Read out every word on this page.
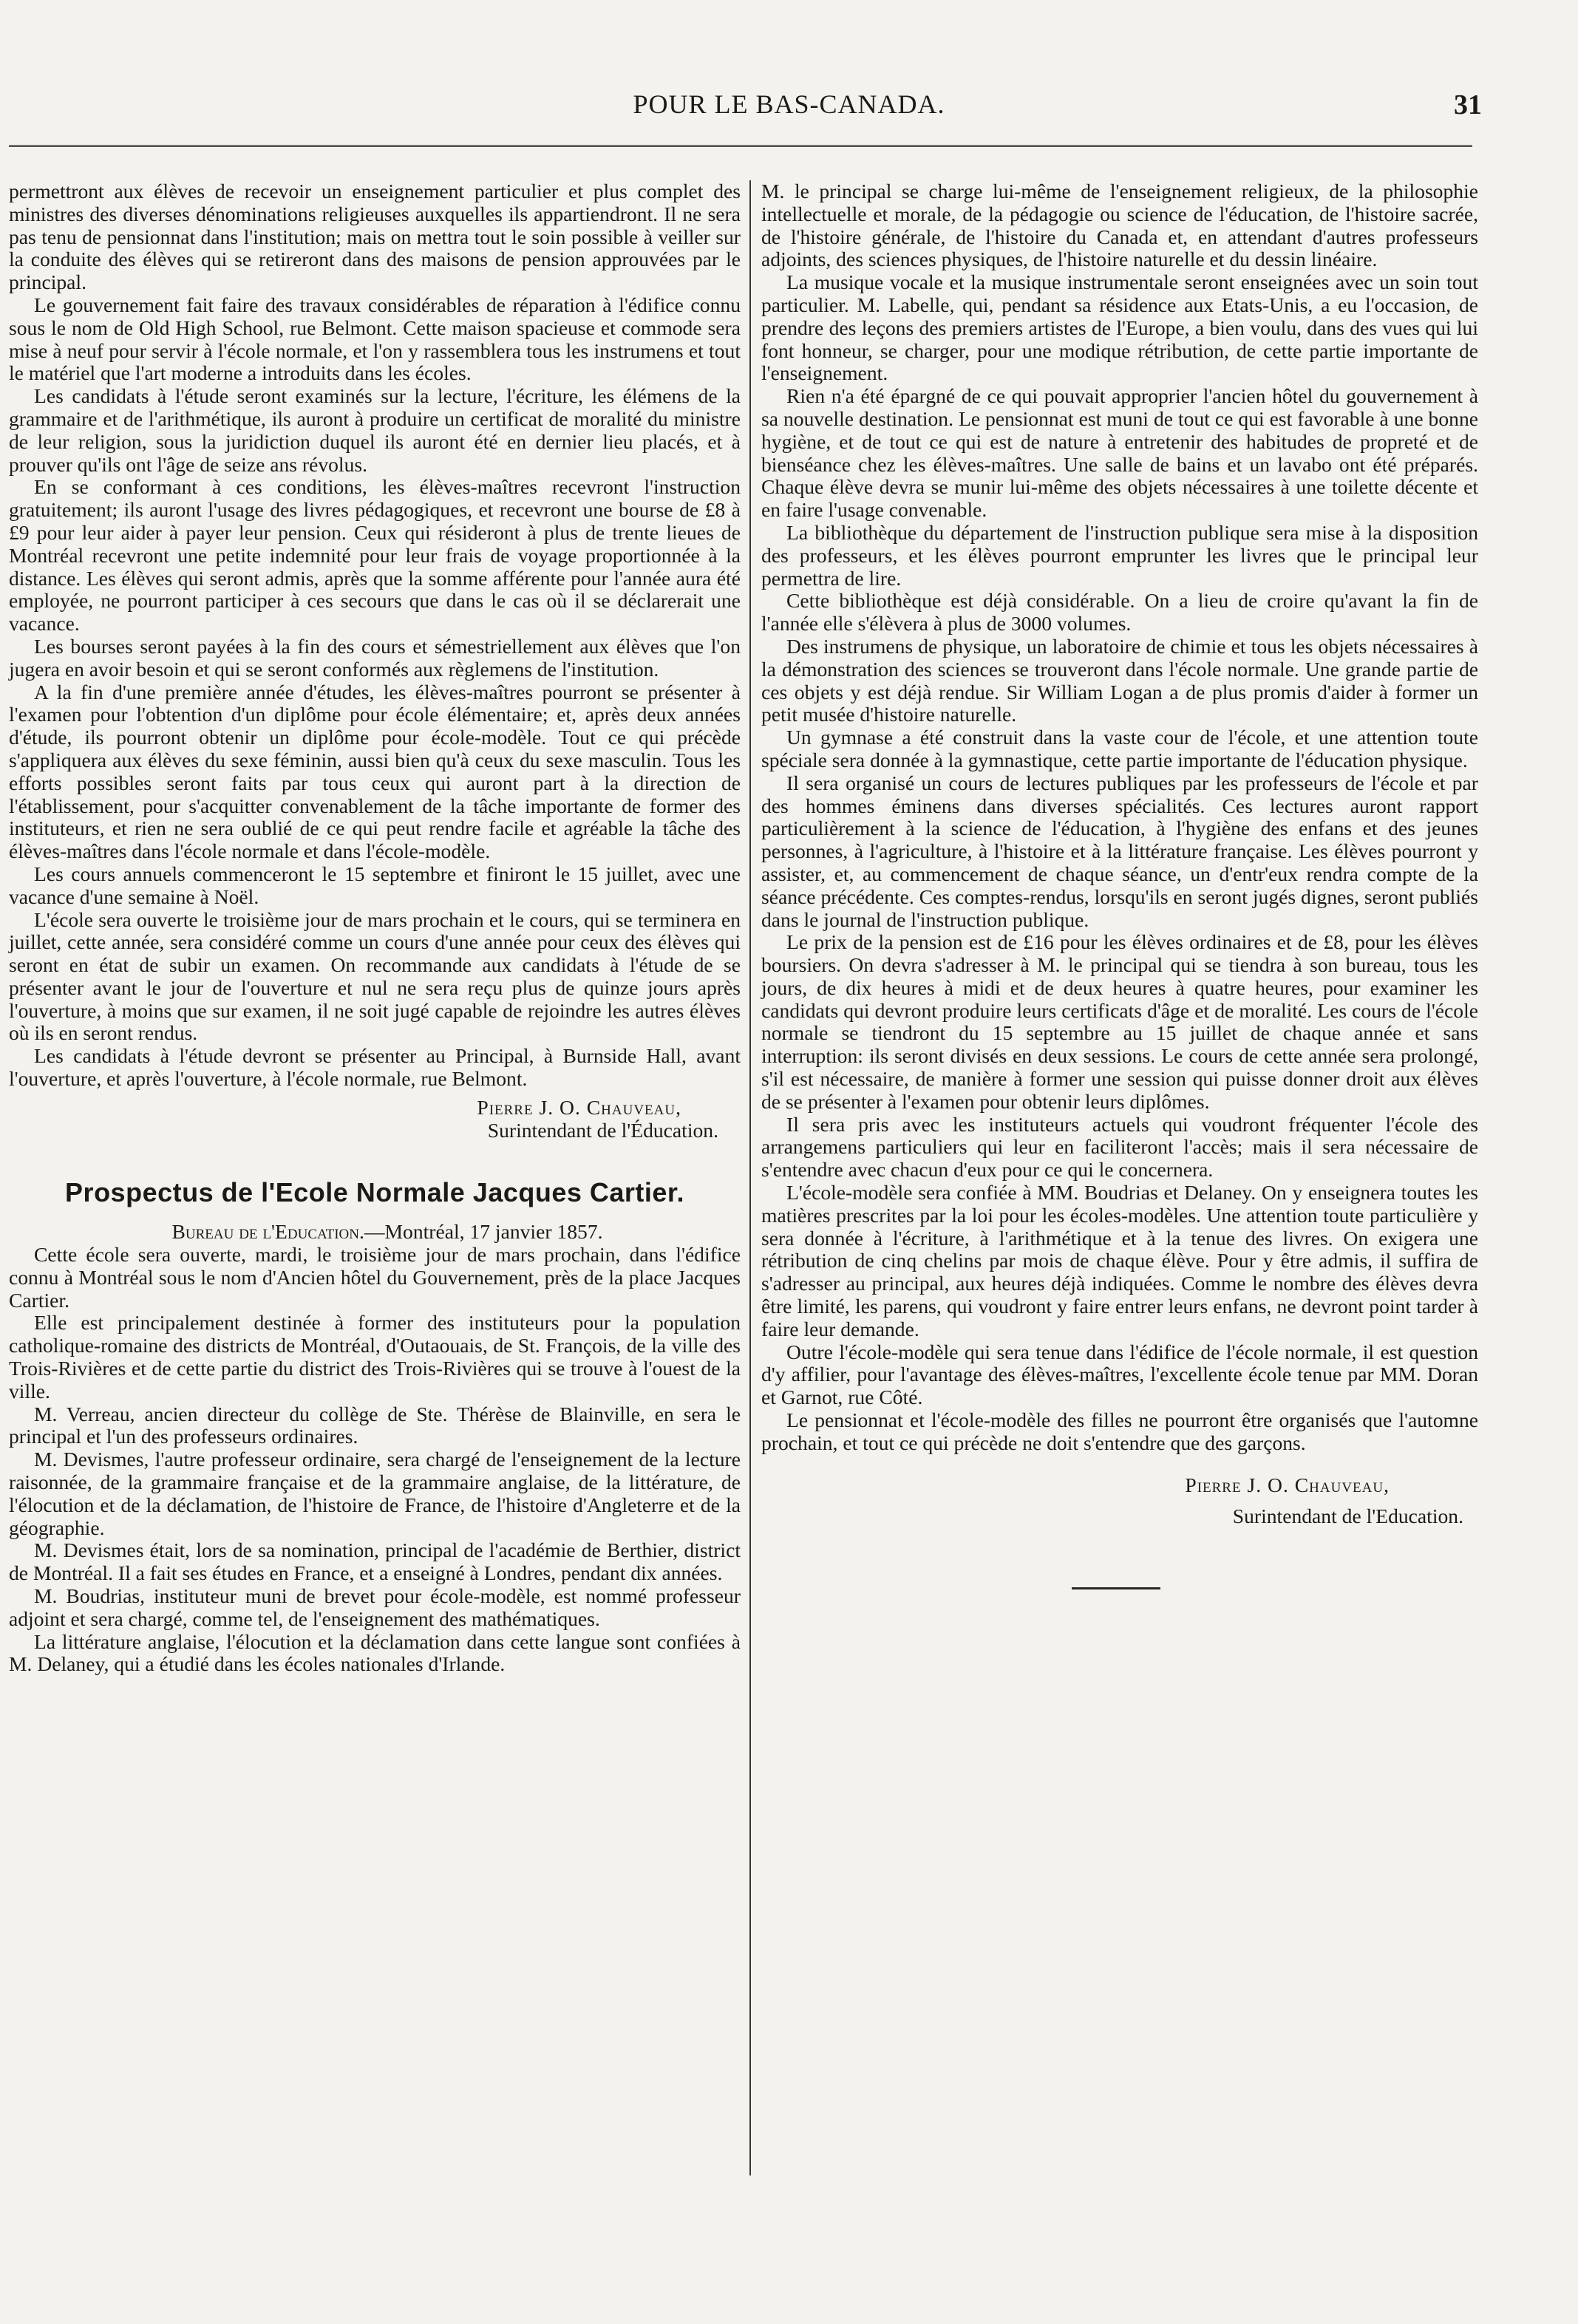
POUR LE BAS-CANADA.	31

permettront aux élèves de recevoir un enseignement particulier et plus complet des ministres des diverses dénominations religieuses auxquelles ils appartiendront. Il ne sera pas tenu de pensionnat dans l'institution; mais on mettra tout le soin possible à veiller sur la conduite des élèves qui se retireront dans des maisons de pension approuvées par le principal.

Le gouvernement fait faire des travaux considérables de réparation à l'édifice connu sous le nom de Old High School, rue Belmont. Cette maison spacieuse et commode sera mise à neuf pour servir à l'école normale, et l'on y rassemblera tous les instrumens et tout le matériel que l'art moderne a introduits dans les écoles.

Les candidats à l'étude seront examinés sur la lecture, l'écriture, les élémens de la grammaire et de l'arithmétique, ils auront à produire un certificat de moralité du ministre de leur religion, sous la juridiction duquel ils auront été en dernier lieu placés, et à prouver qu'ils ont l'âge de seize ans révolus.

En se conformant à ces conditions, les élèves-maîtres recevront l'instruction gratuitement; ils auront l'usage des livres pédagogiques, et recevront une bourse de £8 à £9 pour leur aider à payer leur pension. Ceux qui résideront à plus de trente lieues de Montréal recevront une petite indemnité pour leur frais de voyage proportionnée à la distance. Les élèves qui seront admis, après que la somme afférente pour l'année aura été employée, ne pourront participer à ces secours que dans le cas où il se déclarerait une vacance.

Les bourses seront payées à la fin des cours et sémestriellement aux élèves que l'on jugera en avoir besoin et qui se seront conformés aux règlemens de l'institution.

A la fin d'une première année d'études, les élèves-maîtres pourront se présenter à l'examen pour l'obtention d'un diplôme pour école élémentaire; et, après deux années d'étude, ils pourront obtenir un diplôme pour école-modèle. Tout ce qui précède s'appliquera aux élèves du sexe féminin, aussi bien qu'à ceux du sexe masculin. Tous les efforts possibles seront faits par tous ceux qui auront part à la direction de l'établissement, pour s'acquitter convenablement de la tâche importante de former des instituteurs, et rien ne sera oublié de ce qui peut rendre facile et agréable la tâche des élèves-maîtres dans l'école normale et dans l'école-modèle.

Les cours annuels commenceront le 15 septembre et finiront le 15 juillet, avec une vacance d'une semaine à Noël.

L'école sera ouverte le troisième jour de mars prochain et le cours, qui se terminera en juillet, cette année, sera considéré comme un cours d'une année pour ceux des élèves qui seront en état de subir un examen. On recommande aux candidats à l'étude de se présenter avant le jour de l'ouverture et nul ne sera reçu plus de quinze jours après l'ouverture, à moins que sur examen, il ne soit jugé capable de rejoindre les autres élèves où ils en seront rendus.

Les candidats à l'étude devront se présenter au Principal, à Burnside Hall, avant l'ouverture, et après l'ouverture, à l'école normale, rue Belmont.

Pierre J. O. Chauveau,

Surintendant de l'Éducation.

Prospectus de l'Ecole Normale Jacques Cartier.

Bureau de l'Education.—Montréal, 17 janvier 1857.

Cette école sera ouverte, mardi, le troisième jour de mars prochain, dans l'édifice connu à Montréal sous le nom d'Ancien hôtel du Gouvernement, près de la place Jacques Cartier.

Elle est principalement destinée à former des instituteurs pour la population catholique-romaine des districts de Montréal, d'Outaouais, de St. François, de la ville des Trois-Rivières et de cette partie du district des Trois-Rivières qui se trouve à l'ouest de la ville.

M. Verreau, ancien directeur du collège de Ste. Thérèse de Blainville, en sera le principal et l'un des professeurs ordinaires.

M. Devismes, l'autre professeur ordinaire, sera chargé de l'enseignement de la lecture raisonnée, de la grammaire française et de la grammaire anglaise, de la littérature, de l'élocution et de la déclamation, de l'histoire de France, de l'histoire d'Angleterre et de la géographie.

M. Devismes était, lors de sa nomination, principal de l'académie de Berthier, district de Montréal. Il a fait ses études en France, et a enseigné à Londres, pendant dix années.

M. Boudrias, instituteur muni de brevet pour école-modèle, est nommé professeur adjoint et sera chargé, comme tel, de l'enseignement des mathématiques.

La littérature anglaise, l'élocution et la déclamation dans cette langue sont confiées à M. Delaney, qui a étudié dans les écoles nationales d'Irlande.

M. le principal se charge lui-même de l'enseignement religieux, de la philosophie intellectuelle et morale, de la pédagogie ou science de l'éducation, de l'histoire sacrée, de l'histoire générale, de l'histoire du Canada et, en attendant d'autres professeurs adjoints, des sciences physiques, de l'histoire naturelle et du dessin linéaire.

La musique vocale et la musique instrumentale seront enseignées avec un soin tout particulier. M. Labelle, qui, pendant sa résidence aux Etats-Unis, a eu l'occasion, de prendre des leçons des premiers artistes de l'Europe, a bien voulu, dans des vues qui lui font honneur, se charger, pour une modique rétribution, de cette partie importante de l'enseignement.

Rien n'a été épargné de ce qui pouvait approprier l'ancien hôtel du gouvernement à sa nouvelle destination. Le pensionnat est muni de tout ce qui est favorable à une bonne hygiène, et de tout ce qui est de nature à entretenir des habitudes de propreté et de bienséance chez les élèves-maîtres. Une salle de bains et un lavabo ont été préparés. Chaque élève devra se munir lui-même des objets nécessaires à une toilette décente et en faire l'usage convenable.

La bibliothèque du département de l'instruction publique sera mise à la disposition des professeurs, et les élèves pourront emprunter les livres que le principal leur permettra de lire.

Cette bibliothèque est déjà considérable. On a lieu de croire qu'avant la fin de l'année elle s'élèvera à plus de 3000 volumes.

Des instrumens de physique, un laboratoire de chimie et tous les objets nécessaires à la démonstration des sciences se trouveront dans l'école normale. Une grande partie de ces objets y est déjà rendue. Sir William Logan a de plus promis d'aider à former un petit musée d'histoire naturelle.

Un gymnase a été construit dans la vaste cour de l'école, et une attention toute spéciale sera donnée à la gymnastique, cette partie importante de l'éducation physique.

Il sera organisé un cours de lectures publiques par les professeurs de l'école et par des hommes éminens dans diverses spécialités. Ces lectures auront rapport particulièrement à la science de l'éducation, à l'hygiène des enfans et des jeunes personnes, à l'agriculture, à l'histoire et à la littérature française. Les élèves pourront y assister, et, au commencement de chaque séance, un d'entr'eux rendra compte de la séance précédente. Ces comptes-rendus, lorsqu'ils en seront jugés dignes, seront publiés dans le journal de l'instruction publique.

Le prix de la pension est de £16 pour les élèves ordinaires et de £8, pour les élèves boursiers. On devra s'adresser à M. le principal qui se tiendra à son bureau, tous les jours, de dix heures à midi et de deux heures à quatre heures, pour examiner les candidats qui devront produire leurs certificats d'âge et de moralité. Les cours de l'école normale se tiendront du 15 septembre au 15 juillet de chaque année et sans interruption: ils seront divisés en deux sessions. Le cours de cette année sera prolongé, s'il est nécessaire, de manière à former une session qui puisse donner droit aux élèves de se présenter à l'examen pour obtenir leurs diplômes.

Il sera pris avec les instituteurs actuels qui voudront fréquenter l'école des arrangemens particuliers qui leur en faciliteront l'accès; mais il sera nécessaire de s'entendre avec chacun d'eux pour ce qui le concernera.

L'école-modèle sera confiée à MM. Boudrias et Delaney. On y enseignera toutes les matières prescrites par la loi pour les écoles-modèles. Une attention toute particulière y sera donnée à l'écriture, à l'arithmétique et à la tenue des livres. On exigera une rétribution de cinq chelins par mois de chaque élève. Pour y être admis, il suffira de s'adresser au principal, aux heures déjà indiquées. Comme le nombre des élèves devra être limité, les parens, qui voudront y faire entrer leurs enfans, ne devront point tarder à faire leur demande.

Outre l'école-modèle qui sera tenue dans l'édifice de l'école normale, il est question d'y affilier, pour l'avantage des élèves-maîtres, l'excellente école tenue par MM. Doran et Garnot, rue Côté.

Le pensionnat et l'école-modèle des filles ne pourront être organisés que l'automne prochain, et tout ce qui précède ne doit s'entendre que des garçons.

Pierre J. O. Chauveau,

Surintendant de l'Education.
